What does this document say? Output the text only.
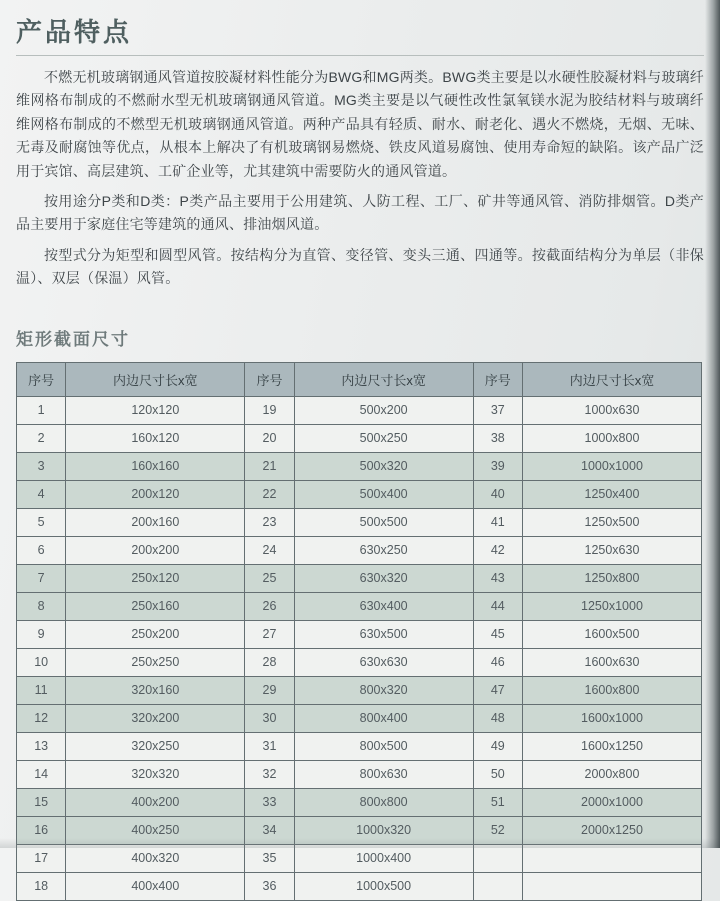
产品特点

不燃无机玻璃钢通风管道按胶凝材料性能分为BWG和MG两类。BWG类主要是以水硬性胶凝材料与玻璃纤维网格布制成的不燃耐水型无机玻璃钢通风管道。MG类主要是以气硬性改性氯氧镁水泥为胶结材料与玻璃纤维网格布制成的不燃型无机玻璃钢通风管道。两种产品具有轻质、耐水、耐老化、遇火不燃烧，无烟、无味、无毒及耐腐蚀等优点，从根本上解决了有机玻璃钢易燃烧、铁皮风道易腐蚀、使用寿命短的缺陷。该产品广泛用于宾馆、高层建筑、工矿企业等，尤其建筑中需要防火的通风管道。

按用途分P类和D类：P类产品主要用于公用建筑、人防工程、工厂、矿井等通风管、消防排烟管。D类产品主要用于家庭住宅等建筑的通风、排油烟风道。

按型式分为矩型和圆型风管。按结构分为直管、变径管、变头三通、四通等。按截面结构分为单层（非保温）、双层（保温）风管。

矩形截面尺寸
序号	内边尺寸长x宽	序号	内边尺寸长x宽	序号	内边尺寸长x宽
1	120x120	19	500x200	37	1000x630
2	160x120	20	500x250	38	1000x800
3	160x160	21	500x320	39	1000x1000
4	200x120	22	500x400	40	1250x400
5	200x160	23	500x500	41	1250x500
6	200x200	24	630x250	42	1250x630
7	250x120	25	630x320	43	1250x800
8	250x160	26	630x400	44	1250x1000
9	250x200	27	630x500	45	1600x500
10	250x250	28	630x630	46	1600x630
11	320x160	29	800x320	47	1600x800
12	320x200	30	800x400	48	1600x1000
13	320x250	31	800x500	49	1600x1250
14	320x320	32	800x630	50	2000x800
15	400x200	33	800x800	51	2000x1000
16	400x250	34	1000x320	52	2000x1250
17	400x320	35	1000x400		
18	400x400	36	1000x500		
